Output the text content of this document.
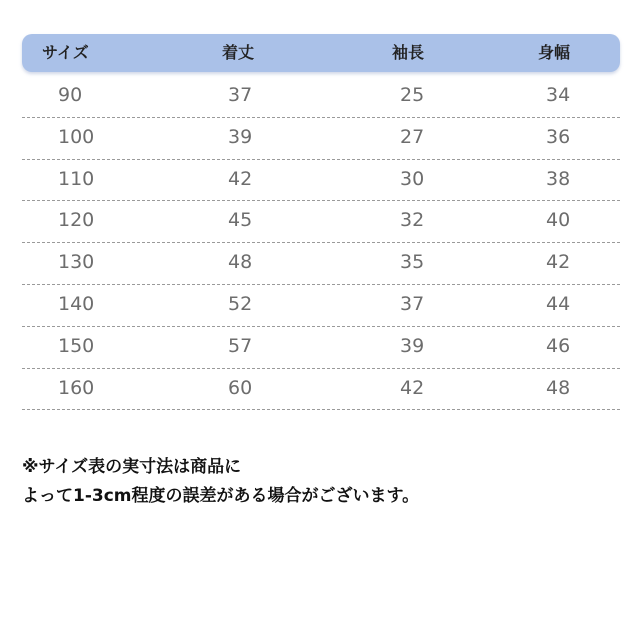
サイズ	着丈	袖長	身幅
90	37	25	34
100	39	27	36
110	42	30	38
120	45	32	40
130	48	35	42
140	52	37	44
150	57	39	46
160	60	42	48
※サイズ表の実寸法は商品に
よって1-3cm程度の誤差がある場合がございます。
